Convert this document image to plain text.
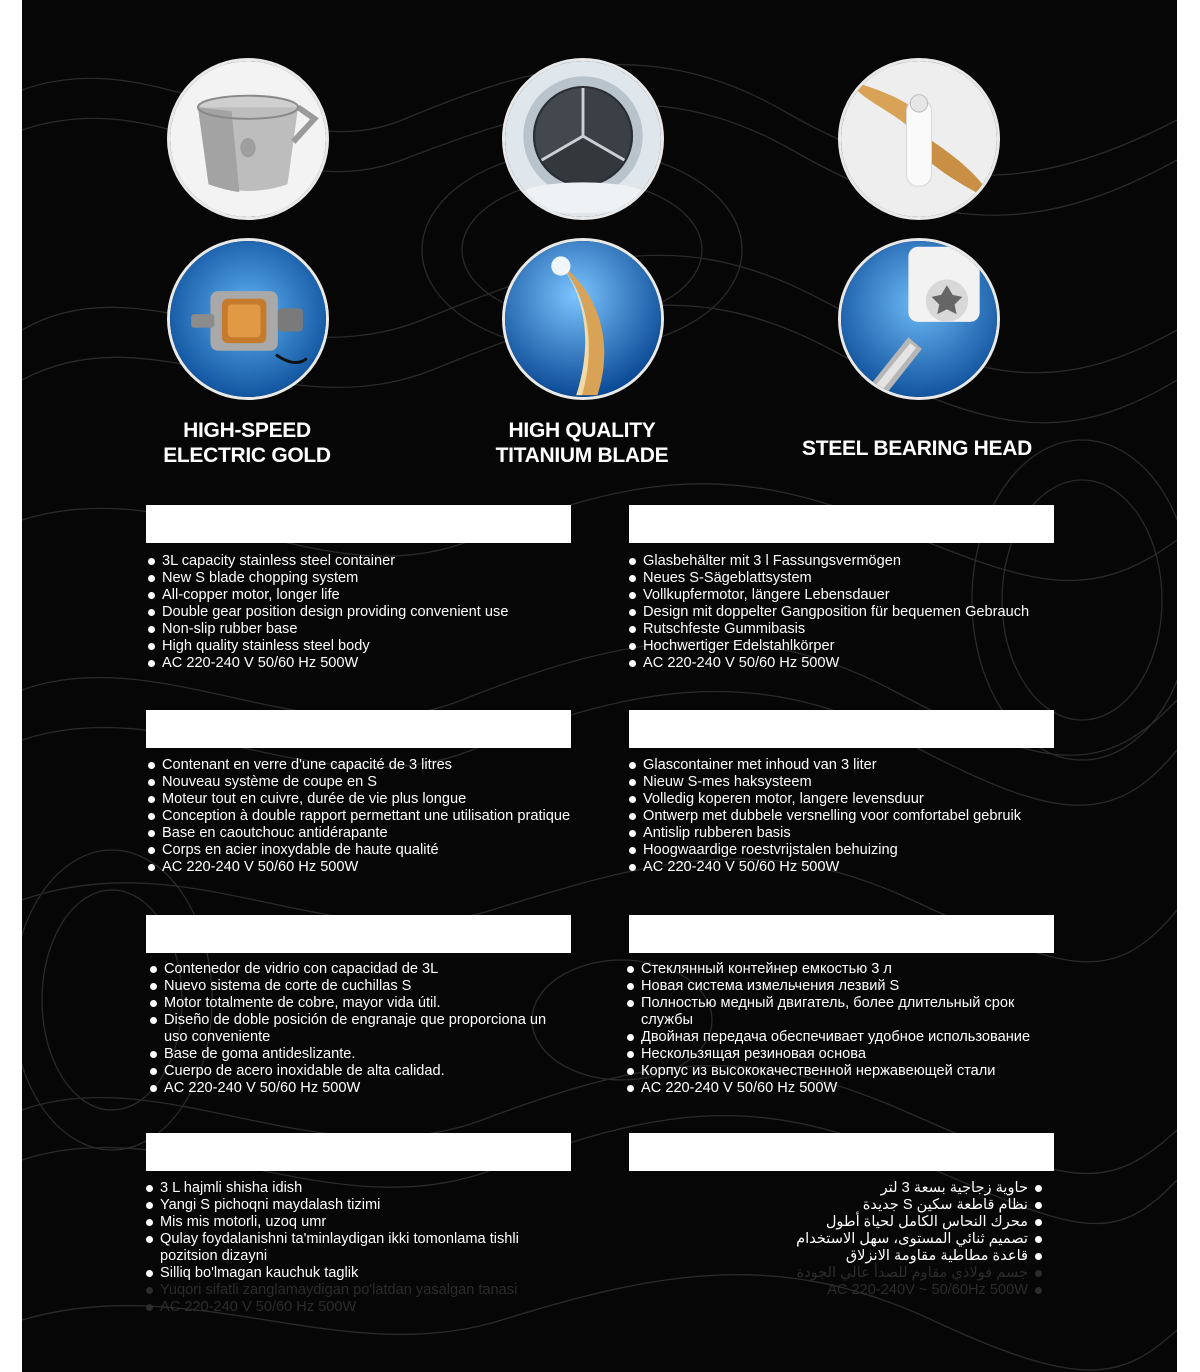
HIGH-SPEED
ELECTRIC GOLD
HIGH QUALITY
TITANIUM BLADE	STEEL BEARING HEAD
3L capacity stainless steel container
New S blade chopping system
All-copper motor, longer life
Double gear position design providing convenient use
Non-slip rubber base
High quality stainless steel body
AC 220-240 V 50/60 Hz 500W
Glasbehälter mit 3 l Fassungsvermögen
Neues S-Sägeblattsystem
Vollkupfermotor, längere Lebensdauer
Design mit doppelter Gangposition für bequemen Gebrauch
Rutschfeste Gummibasis
Hochwertiger Edelstahlkörper
AC 220-240 V 50/60 Hz 500W
Contenant en verre d'une capacité de 3 litres
Nouveau système de coupe en S
Moteur tout en cuivre, durée de vie plus longue
Conception à double rapport permettant une utilisation pratique
Base en caoutchouc antidérapante
Corps en acier inoxydable de haute qualité
AC 220-240 V 50/60 Hz 500W
Glascontainer met inhoud van 3 liter
Nieuw S-mes haksysteem
Volledig koperen motor, langere levensduur
Ontwerp met dubbele versnelling voor comfortabel gebruik
Antislip rubberen basis
Hoogwaardige roestvrijstalen behuizing
AC 220-240 V 50/60 Hz 500W
Contenedor de vidrio con capacidad de 3L
Nuevo sistema de corte de cuchillas S
Motor totalmente de cobre, mayor vida útil.
Diseño de doble posición de engranaje que proporciona un uso conveniente
Base de goma antideslizante.
Cuerpo de acero inoxidable de alta calidad.
AC 220-240 V 50/60 Hz 500W
Стеклянный контейнер емкостью 3 л
Новая система измельчения лезвий S
Полностью медный двигатель, более длительный срок службы
Двойная передача обеспечивает удобное использование
Нескользящая резиновая основа
Корпус из высококачественной нержавеющей стали
AC 220-240 V 50/60 Hz 500W
3 L hajmli shisha idish
Yangi S pichoqni maydalash tizimi
Mis mis motorli, uzoq umr
Qulay foydalanishni ta'minlaydigan ikki tomonlama tishli pozitsion dizayni
Silliq bo'lmagan kauchuk taglik
Yuqori sifatli zanglamaydigan po'latdan yasalgan tanasi
AC 220-240 V 50/60 Hz 500W
حاوية زجاجية بسعة 3 لتر
نظام قاطعة سكين S جديدة
محرك النحاس الكامل لحياة أطول
تصميم ثنائي المستوى، سهل الاستخدام
قاعدة مطاطية مقاومة الانزلاق
جسم فولاذي مقاوم للصدأ عالي الجودة
AC 220-240V ~ 50/60Hz 500W
